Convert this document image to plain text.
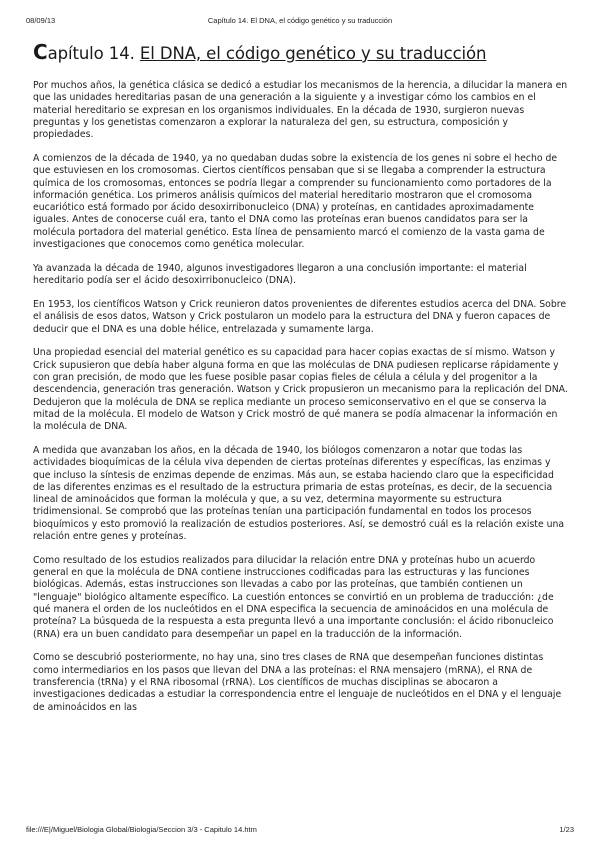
08/09/13	Capítulo 14. El DNA, el código genético y su traducción
Capítulo 14. El DNA, el código genético y su traducción

Por muchos años, la genética clásica se dedicó a estudiar los mecanismos de la herencia, a dilucidar la manera en que las unidades hereditarias pasan de una generación a la siguiente y a investigar cómo los cambios en el material hereditario se expresan en los organismos individuales. En la década de 1930, surgieron nuevas preguntas y los genetistas comenzaron a explorar la naturaleza del gen, su estructura, composición y propiedades.

A comienzos de la década de 1940, ya no quedaban dudas sobre la existencia de los genes ni sobre el hecho de que estuviesen en los cromosomas. Ciertos científicos pensaban que si se llegaba a comprender la estructura química de los cromosomas, entonces se podría llegar a comprender su funcionamiento como portadores de la información genética. Los primeros análisis químicos del material hereditario mostraron que el cromosoma eucariótico está formado por ácido desoxirribonucleico (DNA) y proteínas, en cantidades aproximadamente iguales. Antes de conocerse cuál era, tanto el DNA como las proteínas eran buenos candidatos para ser la molécula portadora del material genético. Esta línea de pensamiento marcó el comienzo de la vasta gama de investigaciones que conocemos como genética molecular.

Ya avanzada la década de 1940, algunos investigadores llegaron a una conclusión importante: el material hereditario podía ser el ácido desoxirribonucleico (DNA).

En 1953, los científicos Watson y Crick reunieron datos provenientes de diferentes estudios acerca del DNA. Sobre el análisis de esos datos, Watson y Crick postularon un modelo para la estructura del DNA y fueron capaces de deducir que el DNA es una doble hélice, entrelazada y sumamente larga.

Una propiedad esencial del material genético es su capacidad para hacer copias exactas de sí mismo. Watson y Crick supusieron que debía haber alguna forma en que las moléculas de DNA pudiesen replicarse rápidamente y con gran precisión, de modo que les fuese posible pasar copias fieles de célula a célula y del progenitor a la descendencia, generación tras generación. Watson y Crick propusieron un mecanismo para la replicación del DNA. Dedujeron que la molécula de DNA se replica mediante un proceso semiconservativo en el que se conserva la mitad de la molécula. El modelo de Watson y Crick mostró de qué manera se podía almacenar la información en la molécula de DNA.

A medida que avanzaban los años, en la década de 1940, los biólogos comenzaron a notar que todas las actividades bioquímicas de la célula viva dependen de ciertas proteínas diferentes y específicas, las enzimas y que incluso la síntesis de enzimas depende de enzimas. Más aun, se estaba haciendo claro que la especificidad de las diferentes enzimas es el resultado de la estructura primaria de estas proteínas, es decir, de la secuencia lineal de aminoácidos que forman la molécula y que, a su vez, determina mayormente su estructura tridimensional. Se comprobó que las proteínas tenían una participación fundamental en todos los procesos bioquímicos y esto promovió la realización de estudios posteriores. Así, se demostró cuál es la relación existe una relación entre genes y proteínas.

Como resultado de los estudios realizados para dilucidar la relación entre DNA y proteínas hubo un acuerdo general en que la molécula de DNA contiene instrucciones codificadas para las estructuras y las funciones biológicas. Además, estas instrucciones son llevadas a cabo por las proteínas, que también contienen un "lenguaje" biológico altamente específico. La cuestión entonces se convirtió en un problema de traducción: ¿de qué manera el orden de los nucleótidos en el DNA especifica la secuencia de aminoácidos en una molécula de proteína? La búsqueda de la respuesta a esta pregunta llevó a una importante conclusión: el ácido ribonucleico (RNA) era un buen candidato para desempeñar un papel en la traducción de la información.

Como se descubrió posteriormente, no hay una, sino tres clases de RNA que desempeñan funciones distintas como intermediarios en los pasos que llevan del DNA a las proteínas: el RNA mensajero (mRNA), el RNA de transferencia (tRNa) y el RNA ribosomal (rRNA). Los científicos de muchas disciplinas se abocaron a investigaciones dedicadas a estudiar la correspondencia entre el lenguaje de nucleótidos en el DNA y el lenguaje de aminoácidos en las

file:///E|/Miguel/Biologia Global/Biologia/Seccion 3/3 - Capitulo 14.htm	1/23
